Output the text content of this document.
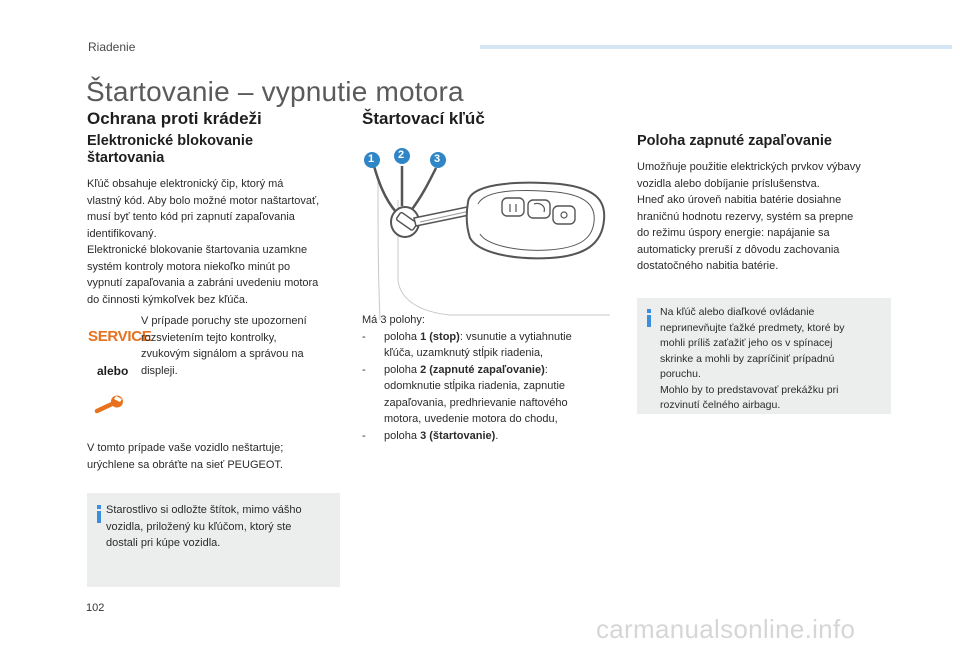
Riadenie
Štartovanie – vypnutie motora
Ochrana proti krádeži
Elektronické blokovanie
štartovania
Kľúč obsahuje elektronický čip, ktorý má
vlastný kód. Aby bolo možné motor naštartovať,
musí byť tento kód pri zapnutí zapaľovania
identifikovaný.
Elektronické blokovanie štartovania uzamkne
systém kontroly motora niekoľko minút po
vypnutí zapaľovania a zabráni uvedeniu motora
do činnosti kýmkoľvek bez kľúča.
SERVICE
alebo
V prípade poruchy ste upozornení
rozsvietením tejto kontrolky,
zvukovým signálom a správou na
displeji.
V tomto prípade vaše vozidlo neštartuje;
urýchlene sa obráťte na sieť PEUGEOT.
Starostlivo si odložte štítok, mimo vášho
vozidla, priložený ku kľúčom, ktorý ste
dostali pri kúpe vozidla.
Štartovací kľúč
1 2	3
Má 3 polohy:
- poloha 1 (stop): vsunutie a vytiahnutie
kľúča, uzamknutý stĺpik riadenia,
- poloha 2 (zapnuté zapaľovanie):
odomknutie stĺpika riadenia, zapnutie
zapaľovania, predhrievanie naftového
motora, uvedenie motora do chodu,
- poloha 3 (štartovanie).
Poloha zapnuté zapaľovanie
Umožňuje použitie elektrických prvkov výbavy
vozidla alebo dobíjanie príslušenstva.
Hneď ako úroveň nabitia batérie dosiahne
hraničnú hodnotu rezervy, systém sa prepne
do režimu úspory energie: napájanie sa
automaticky preruší z dôvodu zachovania
dostatočného nabitia batérie.
Na kľúč alebo diaľkové ovládanie
neprипevňujte ťažké predmety, ktoré by
mohli príliš zaťažiť jeho os v spínacej
skrinke a mohli by zapríčiniť prípadnú
poruchu.
Mohlo by to predstavovať prekážku pri
rozvinutí čelného airbagu.
102
carmanualsonline.info
